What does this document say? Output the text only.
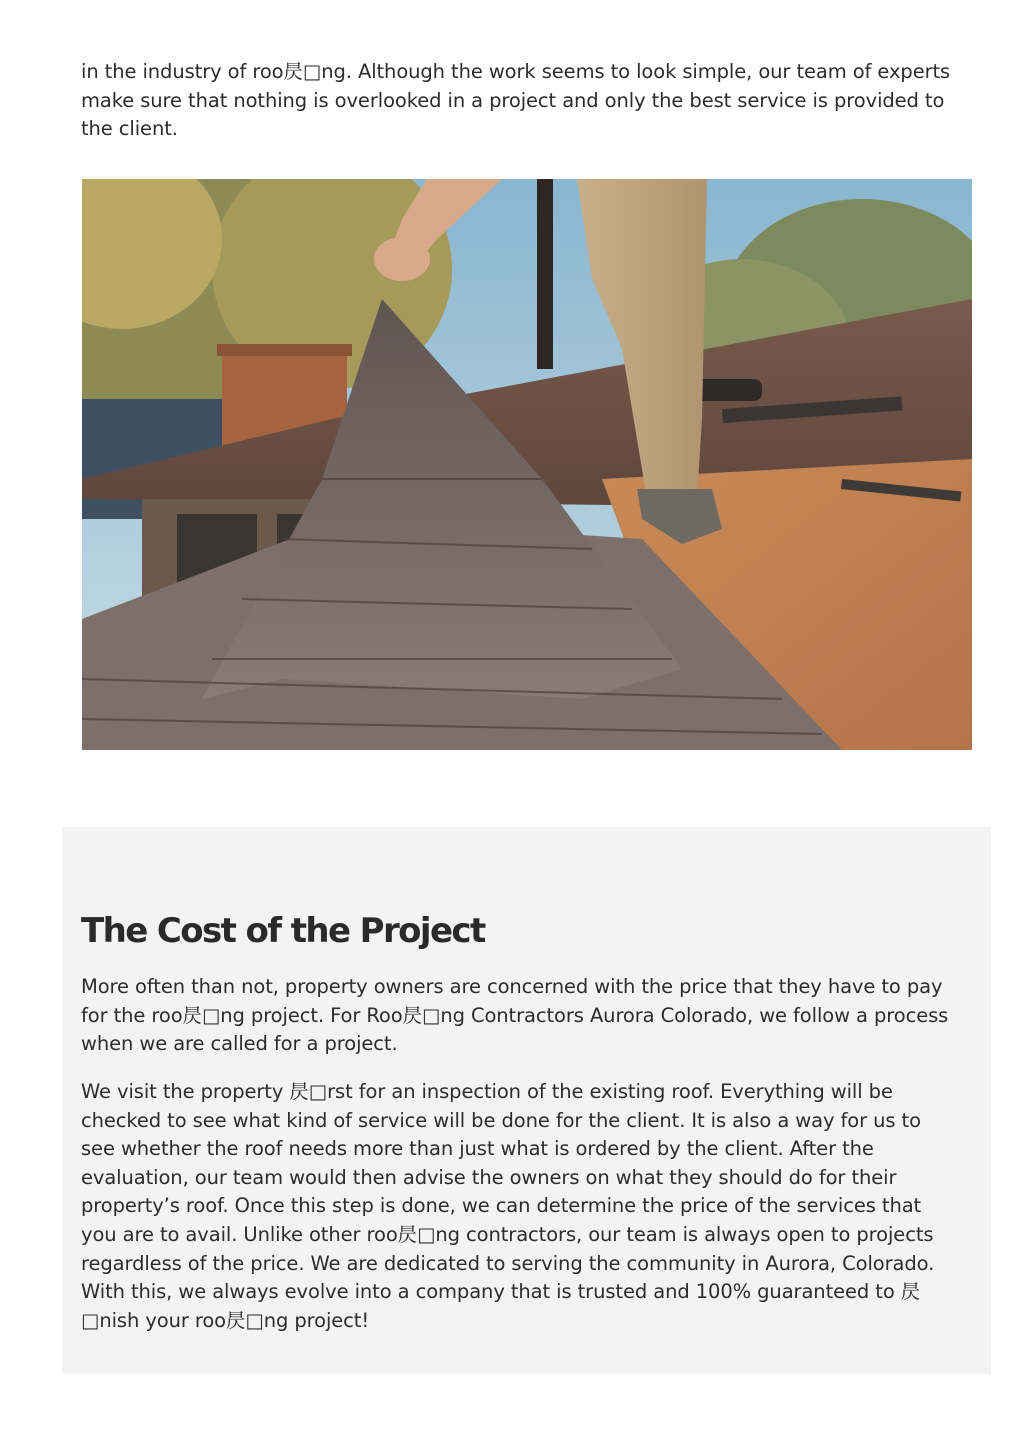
in the industry of roo昃□ng. Although the work seems to look simple, our team of experts make sure that nothing is overlooked in a project and only the best service is provided to the client.

The Cost of the Project

More often than not, property owners are concerned with the price that they have to pay for the roo昃□ng project. For Roo昃□ng Contractors Aurora Colorado, we follow a process when we are called for a project.

We visit the property 昃□rst for an inspection of the existing roof. Everything will be checked to see what kind of service will be done for the client. It is also a way for us to see whether the roof needs more than just what is ordered by the client. After the evaluation, our team would then advise the owners on what they should do for their property’s roof. Once this step is done, we can determine the price of the services that you are to avail. Unlike other roo昃□ng contractors, our team is always open to projects regardless of the price. We are dedicated to serving the community in Aurora, Colorado. With this, we always evolve into a company that is trusted and 100% guaranteed to 昃□nish your roo昃□ng project!
